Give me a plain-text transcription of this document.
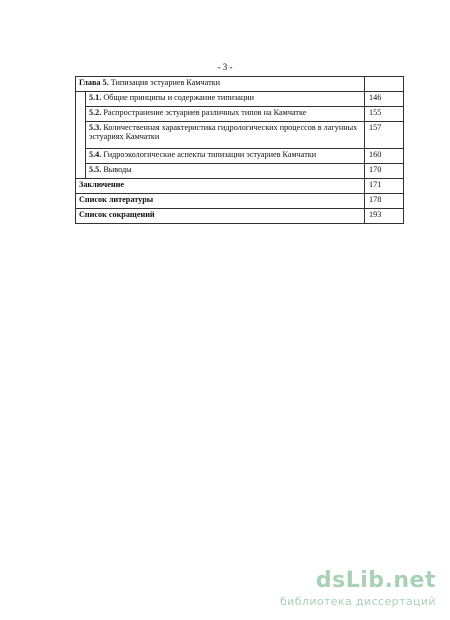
- 3 -
Глава 5. Типизация эстуариев Камчатки		
	5.1. Общие принципы и содержание типизации	146
	5.2. Распространение эстуариев различных типов на Камчатке	155
	5.3. Количественная характеристика гидрологических процессов в лагунных эстуариях Камчатки	157
	5.4. Гидроэкологические аспекты типизации эстуариев Камчатки	160
	5.5. Выводы	170
Заключение		171
Список литературы		178
Список сокращений		193
dsLib.net
библиотека диссертаций
